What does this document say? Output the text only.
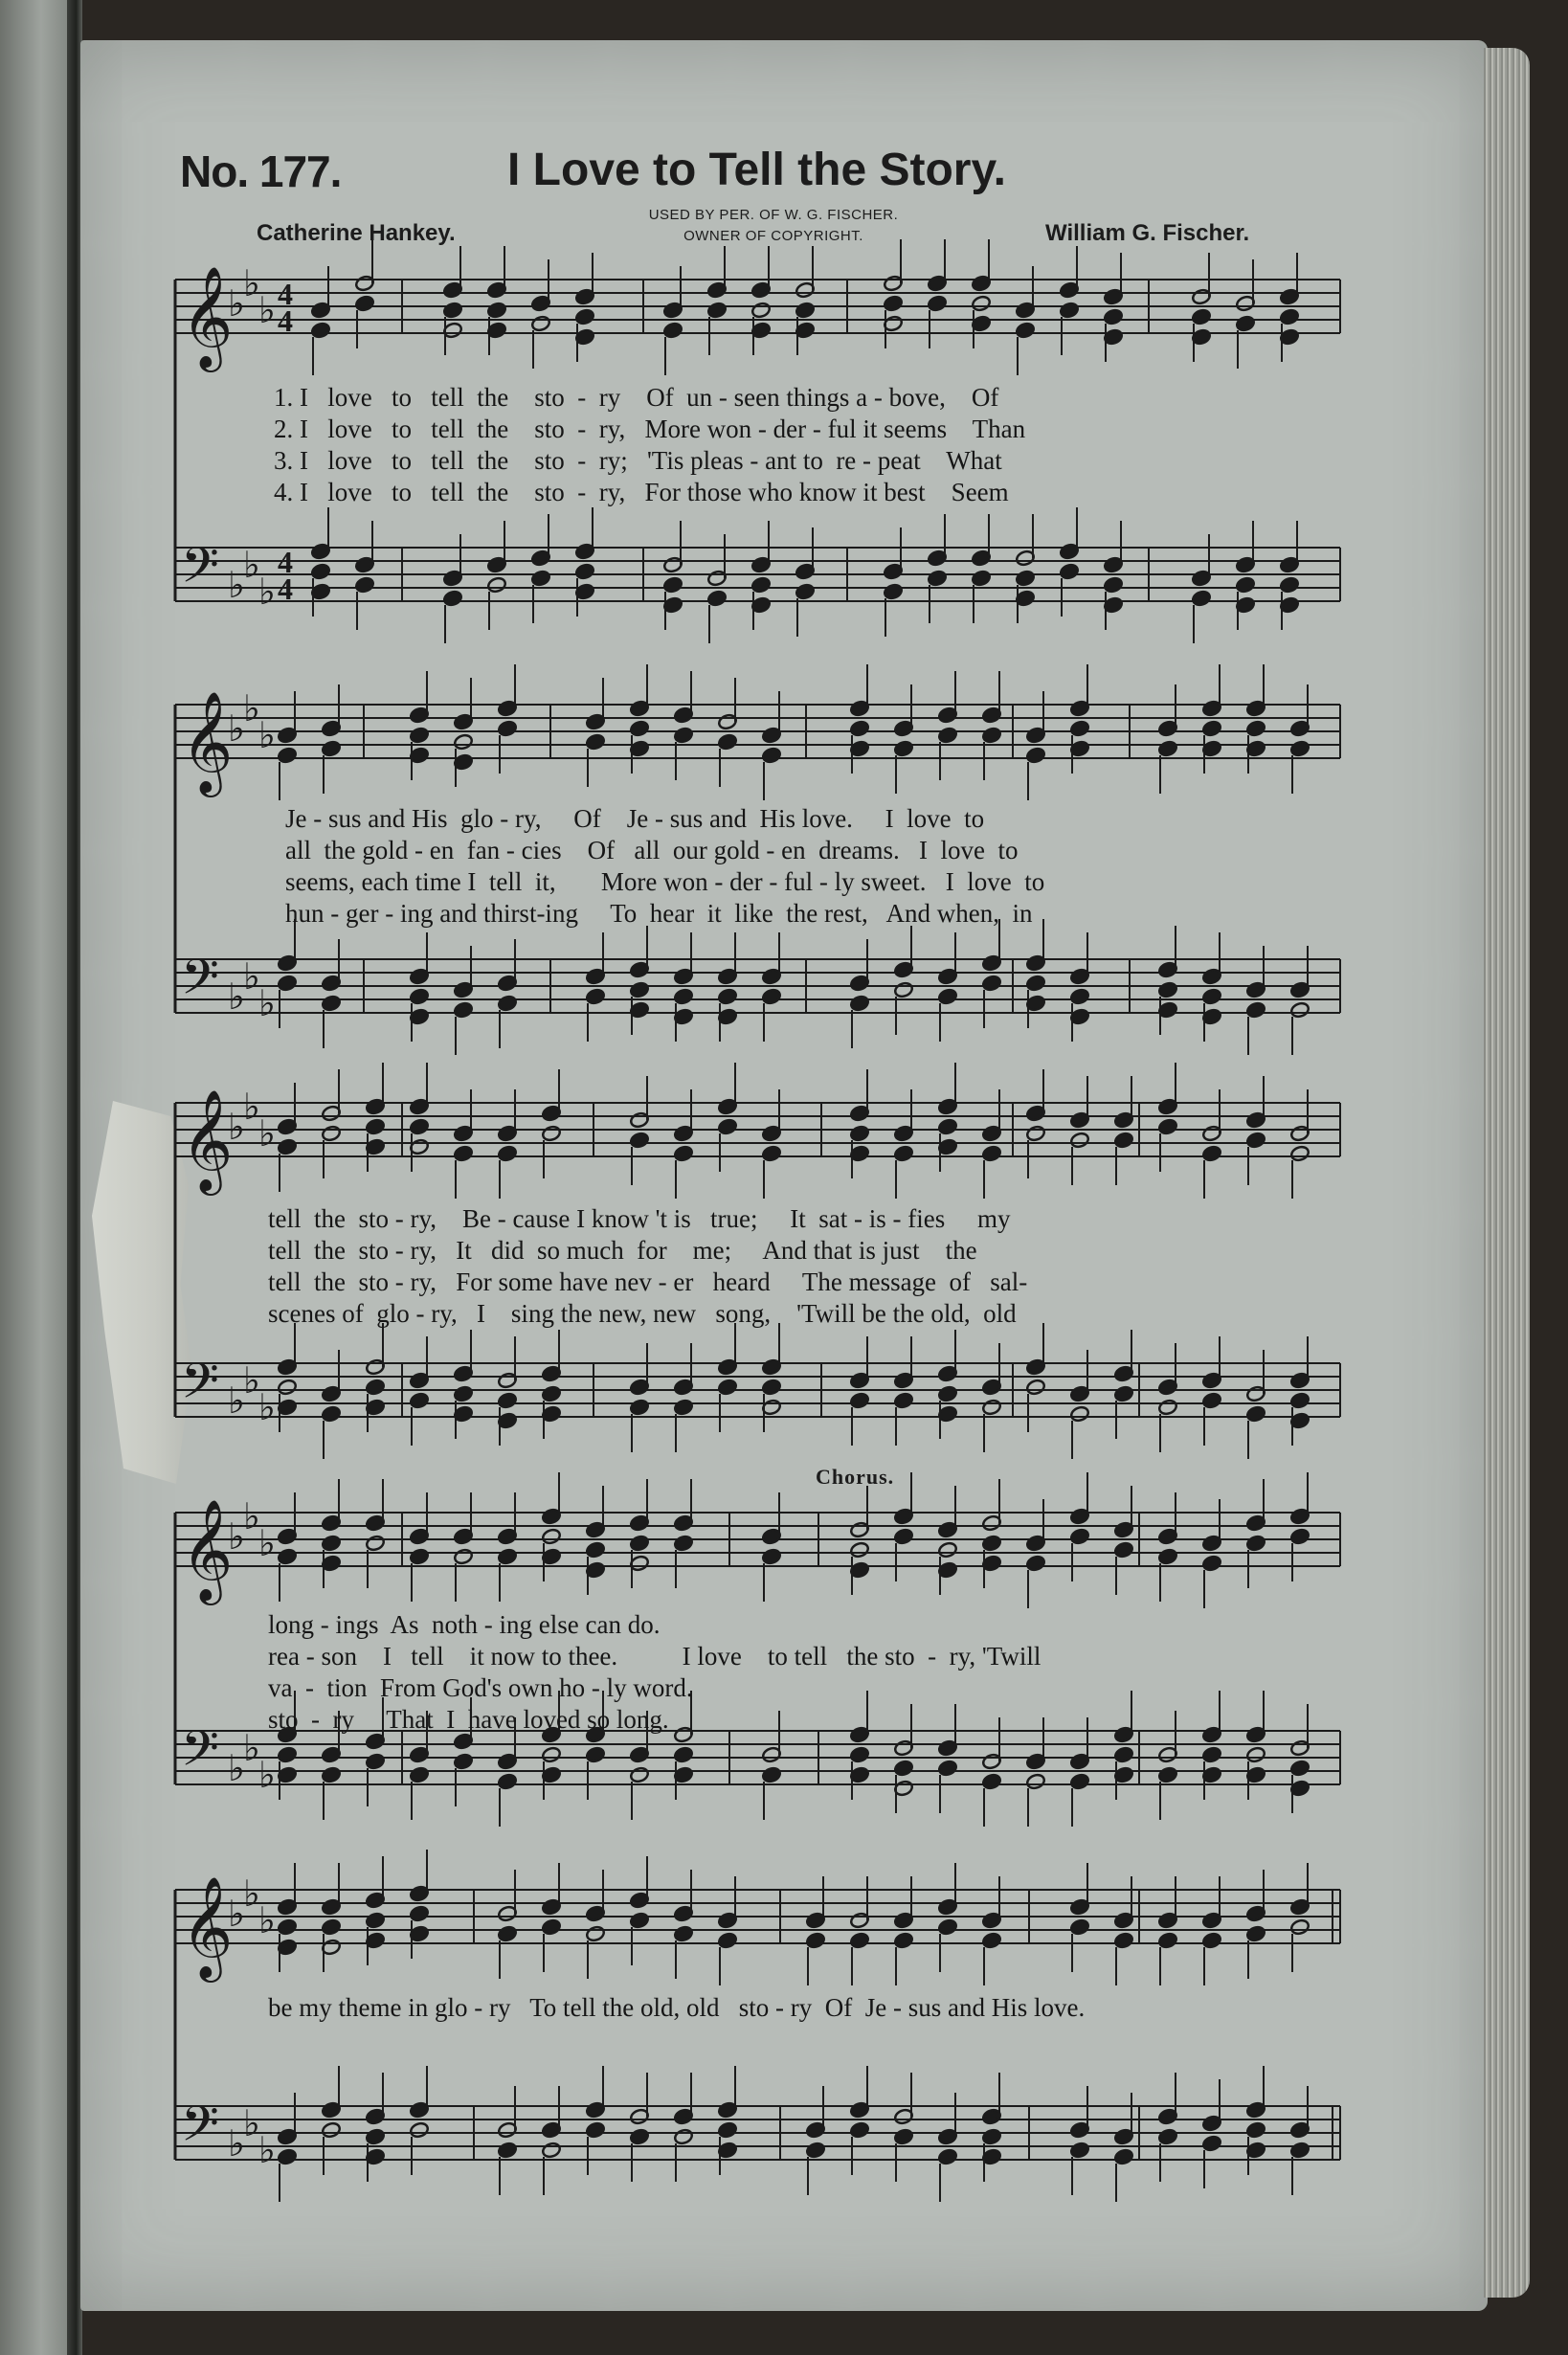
No. 177.	I Love to Tell the Story.
Catherine Hankey.
USED BY PER. OF W. G. FISCHER.
OWNER OF COPYRIGHT.	William G. Fischer.
Chorus.
𝄞
𝄢
♭
♭
♭
♭
♭
♭
4
4
4
4
𝄞
𝄢
♭
♭
♭
♭
♭
♭
𝄞
𝄢
♭
♭
♭
♭
♭
♭
𝄞
𝄢
♭
♭
♭
♭
♭
♭
𝄞
𝄢
♭
♭
♭
♭
♭
♭
1. I   love   to   tell  the    sto  -  ry    Of  un - seen things a - bove,    Of
2. I   love   to   tell  the    sto  -  ry,   More won - der - ful it seems    Than
3. I   love   to   tell  the    sto  -  ry;   'Tis pleas - ant to  re - peat    What
4. I   love   to   tell  the    sto  -  ry,   For those who know it best    Seem
Je - sus and His  glo - ry,     Of    Je - sus and  His love.     I  love  to
all  the gold - en  fan - cies    Of   all  our gold - en  dreams.   I  love  to
seems, each time I  tell  it,       More won - der - ful - ly sweet.   I  love  to
hun - ger - ing and thirst-ing     To  hear  it  like  the rest,   And when,  in
tell  the  sto - ry,    Be - cause I know 't is   true;     It  sat - is - fies     my
tell  the  sto - ry,   It   did  so much  for    me;     And that is just    the
tell  the  sto - ry,   For some have nev - er   heard     The message  of   sal-
scenes of  glo - ry,   I    sing the new, new   song,    'Twill be the old,  old
long - ings  As  noth - ing else can do.
rea - son    I   tell    it now to thee.          I love    to tell   the sto  -  ry, 'Twill
va  -  tion  From God's own ho - ly word.
sto  -  ry     That  I  have loved so long.
be my theme in glo - ry   To tell the old, old   sto - ry  Of  Je - sus and His love.
